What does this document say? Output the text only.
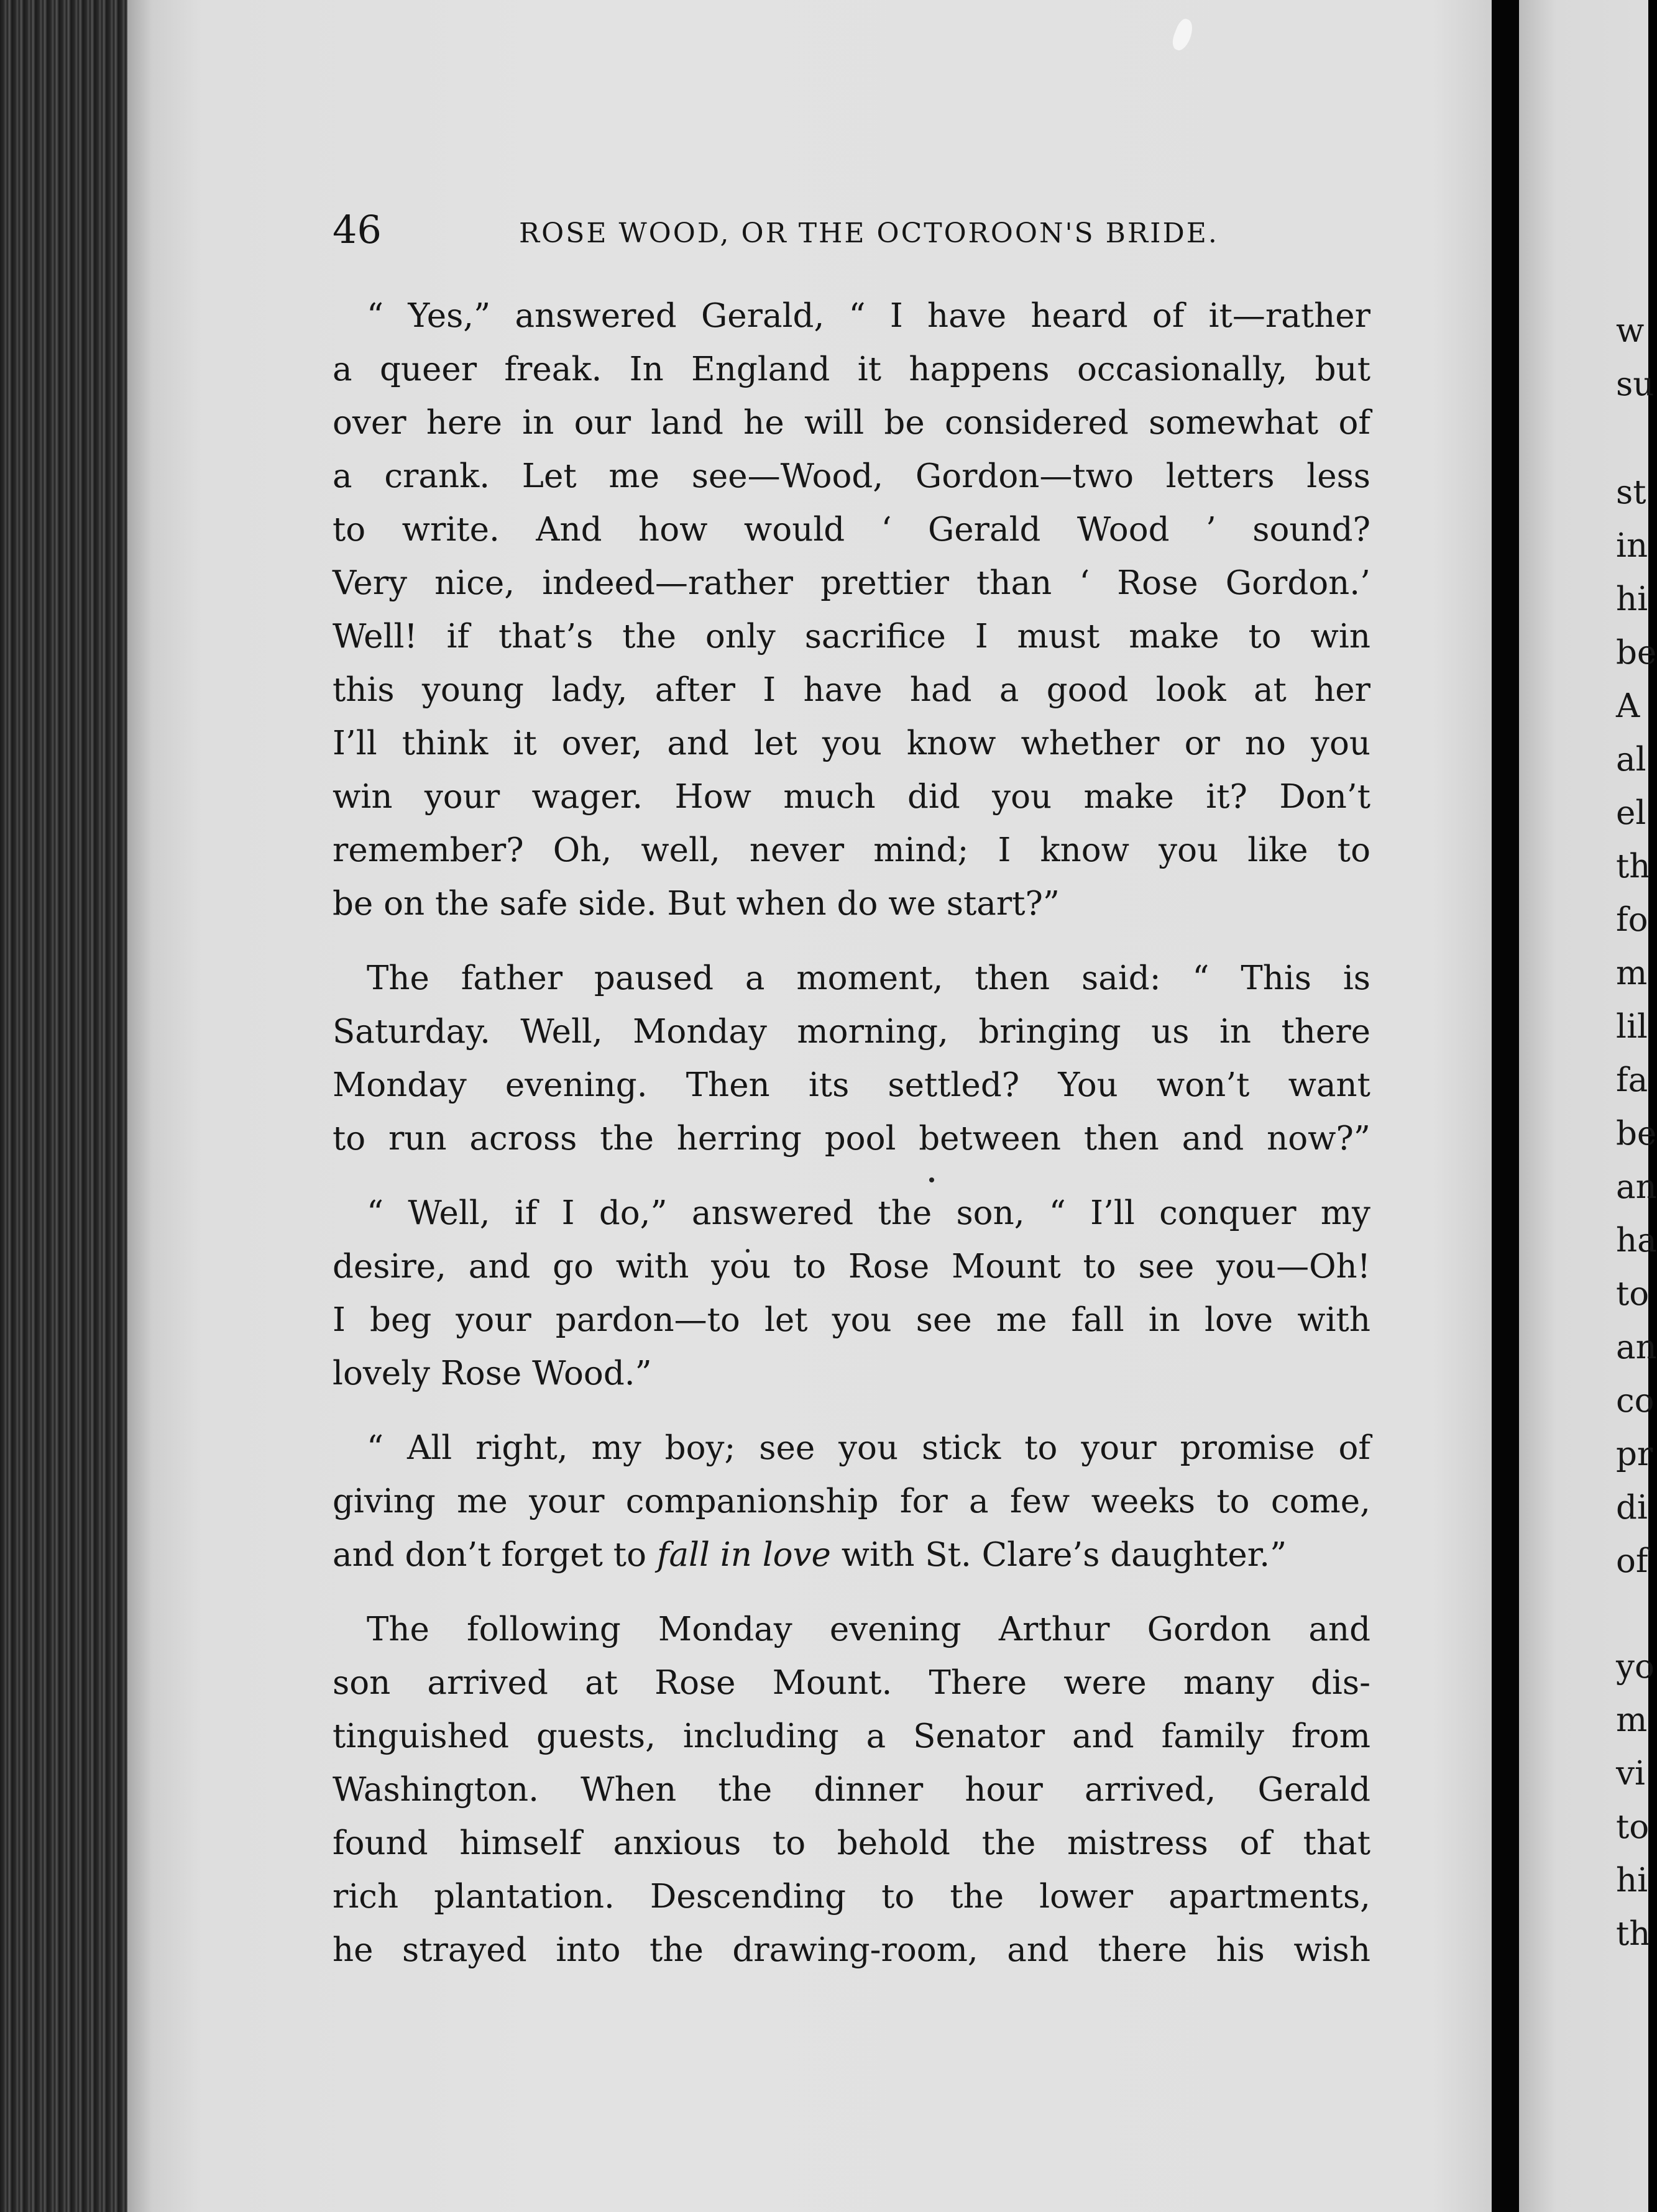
46	ROSE WOOD, OR THE OCTOROON'S BRIDE.
“ Yes,” answered Gerald, “ I have heard of it—rather
a queer freak. In England it happens occasionally, but
over here in our land he will be considered somewhat of
a crank. Let me see—Wood, Gordon—two letters less
to write. And how would ‘ Gerald Wood ’ sound?
Very nice, indeed—rather prettier than ‘ Rose Gordon.’
Well! if that’s the only sacrifice I must make to win
this young lady, after I have had a good look at her
I’ll think it over, and let you know whether or no you
win your wager. How much did you make it? Don’t
remember? Oh, well, never mind; I know you like to
be on the safe side. But when do we start?”
The father paused a moment, then said: “ This is
Saturday. Well, Monday morning, bringing us in there
Monday evening. Then its settled? You won’t want
to run across the herring pool between then and now?”
“ Well, if I do,” answered the son, “ I’ll conquer my
desire, and go with you to Rose Mount to see you—Oh!
I beg your pardon—to let you see me fall in love with
lovely Rose Wood.”
“ All right, my boy; see you stick to your promise of
giving me your companionship for a few weeks to come,
and don’t forget to fall in love with St. Clare’s daughter.”
The following Monday evening Arthur Gordon and
son arrived at Rose Mount. There were many dis-
tinguished guests, including a Senator and family from
Washington. When the dinner hour arrived, Gerald
found himself anxious to behold the mistress of that
rich plantation. Descending to the lower apartments,
he strayed into the drawing-room, and there his wish
w
su
st
in
hi
be
A
al
el
th
fo
m
lil
fa
be
an
ha
to
an
co
pr
di
of
yo
m
vi
to
hi
th
